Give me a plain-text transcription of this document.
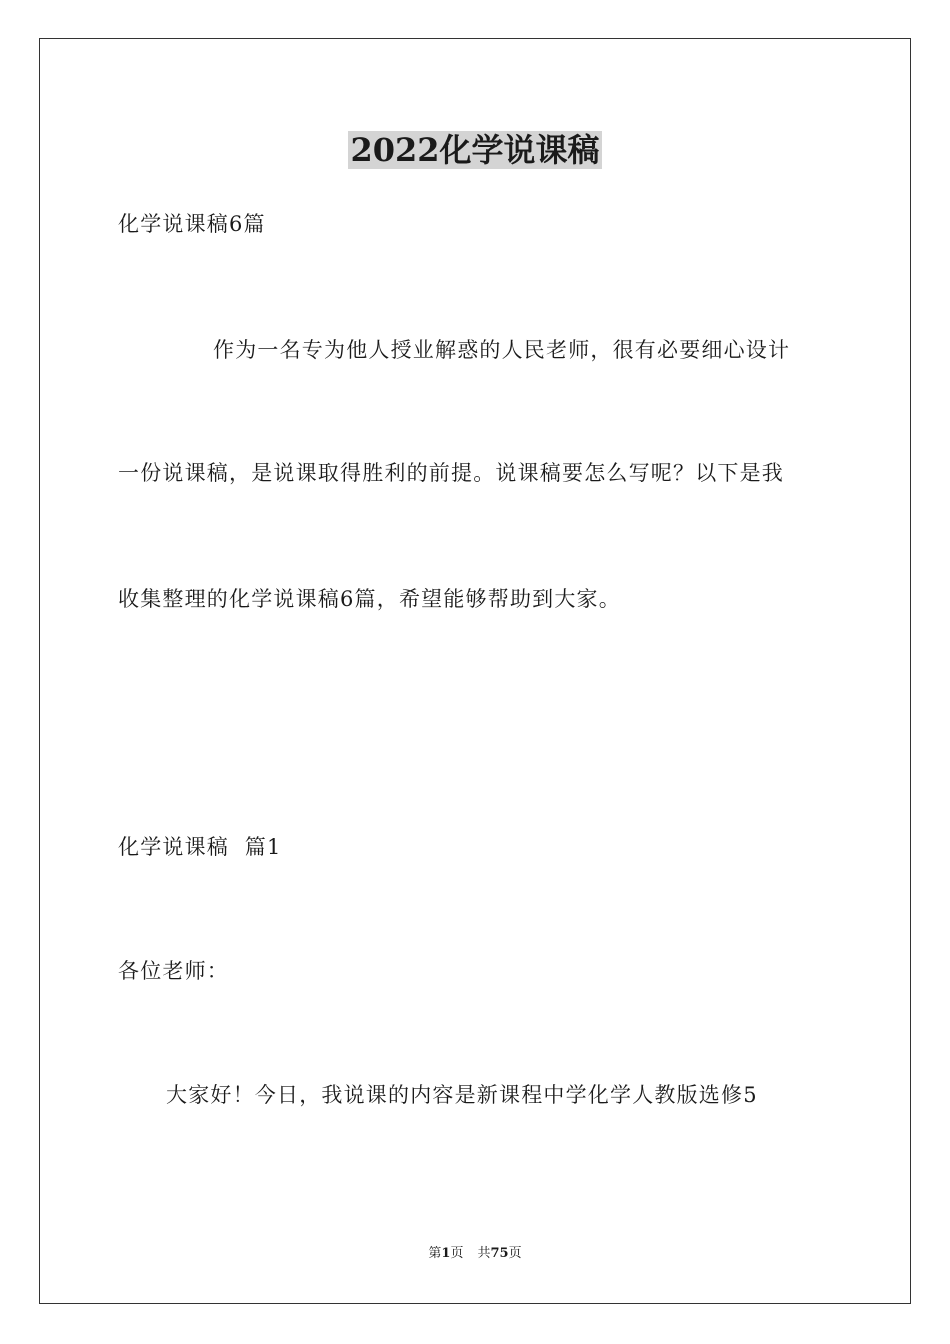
2022化学说课稿

化学说课稿6篇

作为一名专为他人授业解惑的人民老师，很有必要细心设计

一份说课稿，是说课取得胜利的前提。说课稿要怎么写呢？以下是我

收集整理的化学说课稿6篇，希望能够帮助到大家。

化学说课稿  篇1

各位老师：

大家好！今日，我说课的内容是新课程中学化学人教版选修5

第1页 共75页
